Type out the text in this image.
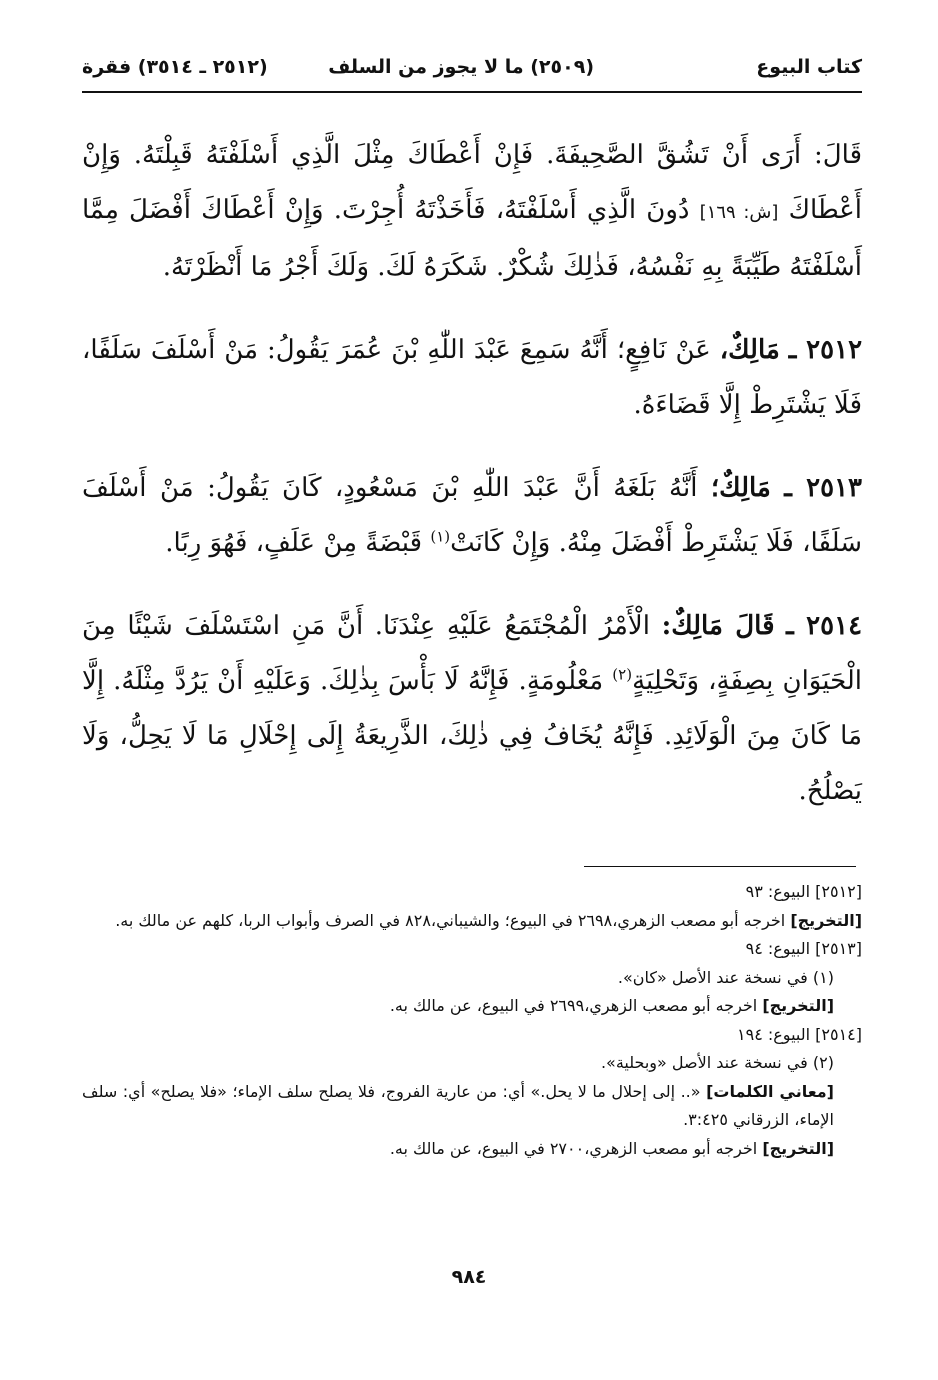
كتاب البيوع
(٢٥٠٩) ما لا يجوز من السلف
(٢٥١٢ ـ ٣٥١٤) فقرة

قَالَ: أَرَى أَنْ تَشُقَّ الصَّحِيفَةَ. فَإِنْ أَعْطَاكَ مِثْلَ الَّذِي أَسْلَفْتَهُ قَبِلْتَهُ. وَإِنْ أَعْطَاكَ [ش: ١٦٩] دُونَ الَّذِي أَسْلَفْتَهُ، فَأَخَذْتَهُ أُجِرْتَ. وَإِنْ أَعْطَاكَ أَفْضَلَ مِمَّا أَسْلَفْتَهُ طَيِّبَةً بِهِ نَفْسُهُ، فَذٰلِكَ شُكْرٌ. شَكَرَهُ لَكَ. وَلَكَ أَجْرُ مَا أَنْظَرْتَهُ.

٢٥١٢ ـ مَالِكٌ، عَنْ نَافِعٍ؛ أَنَّهُ سَمِعَ عَبْدَ اللّٰهِ بْنَ عُمَرَ يَقُولُ: مَنْ أَسْلَفَ سَلَفًا، فَلَا يَشْتَرِطْ إِلَّا قَضَاءَهُ.

٢٥١٣ ـ مَالِكٌ؛ أَنَّهُ بَلَغَهُ أَنَّ عَبْدَ اللّٰهِ بْنَ مَسْعُودٍ، كَانَ يَقُولُ: مَنْ أَسْلَفَ سَلَفًا، فَلَا يَشْتَرِطْ أَفْضَلَ مِنْهُ. وَإِنْ كَانَتْ$^{(١)}$ قَبْضَةً مِنْ عَلَفٍ، فَهُوَ رِبًا.

٢٥١٤ ـ قَالَ مَالِكٌ: الْأَمْرُ الْمُجْتَمَعُ عَلَيْهِ عِنْدَنَا. أَنَّ مَنِ اسْتَسْلَفَ شَيْئًا مِنَ الْحَيَوَانِ بِصِفَةٍ، وَتَحْلِيَةٍ$^{(٢)}$ مَعْلُومَةٍ. فَإِنَّهُ لَا بَأْسَ بِذٰلِكَ. وَعَلَيْهِ أَنْ يَرُدَّ مِثْلَهُ. إِلَّا مَا كَانَ مِنَ الْوَلَائِدِ. فَإِنَّهُ يُخَافُ فِي ذٰلِكَ، الذَّرِيعَةُ إِلَى إِحْلَالِ مَا لَا يَحِلُّ، وَلَا يَصْلُحُ.

[٢٥١٢] البيوع: ٩٣

[التخريج] اخرجه أبو مصعب الزهري،٢٦٩٨ في البيوع؛ والشيباني،٨٢٨ في الصرف وأبواب الربا، كلهم عن مالك به.

[٢٥١٣] البيوع: ٩٤

(١) في نسخة عند الأصل «كان».

[التخريج] اخرجه أبو مصعب الزهري،٢٦٩٩ في البيوع، عن مالك به.

[٢٥١٤] البيوع: ١٩٤

(٢) في نسخة عند الأصل «وبحلية».

[معاني الكلمات] «.. إلى إحلال ما لا يحل.» أي: من عارية الفروج، فلا يصلح سلف الإماء؛ «فلا يصلح» أي: سلف الإماء، الزرقاني ٣:٤٢٥.

[التخريج] اخرجه أبو مصعب الزهري،٢٧٠٠ في البيوع، عن مالك به.

٩٨٤
